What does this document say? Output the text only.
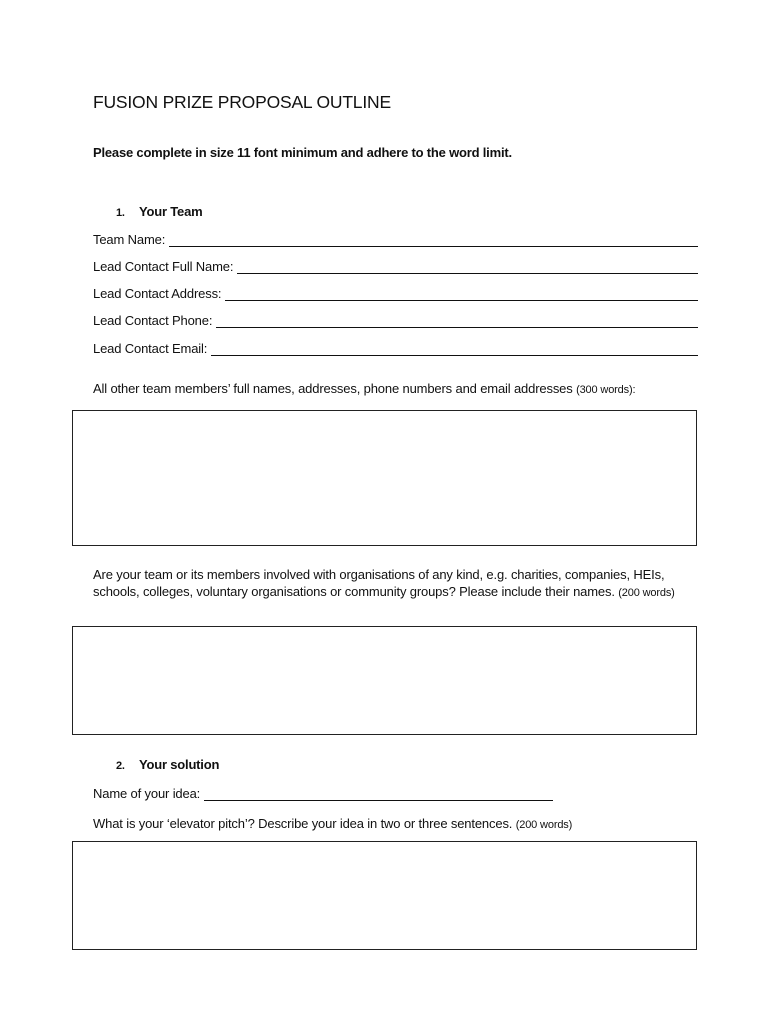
FUSION PRIZE PROPOSAL OUTLINE

Please complete in size 11 font minimum and adhere to the word limit.

1.	Your Team
Team Name:
Lead Contact Full Name:
Lead Contact Address:
Lead Contact Phone:
Lead Contact Email:

All other team members’ full names, addresses, phone numbers and email addresses (300 words):

Are your team or its members involved with organisations of any kind, e.g. charities, companies, HEIs, schools, colleges, voluntary organisations or community groups? Please include their names. (200 words)

2.	Your solution
Name of your idea:

What is your ‘elevator pitch’? Describe your idea in two or three sentences. (200 words)
